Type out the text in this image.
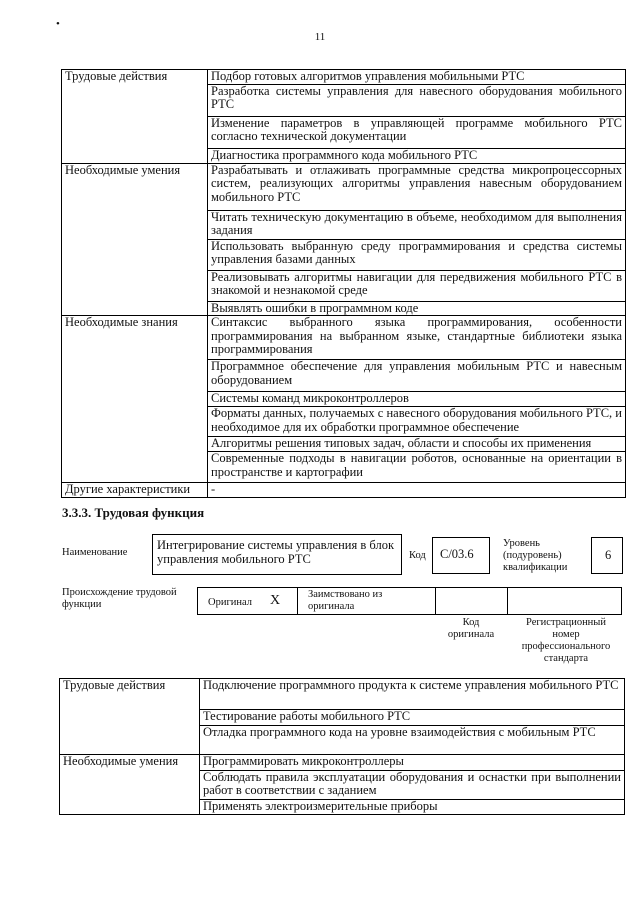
•
11
Трудовые действия	Подбор готовых алгоритмов управления мобильными РТС
	Разработка системы управления для навесного оборудования мобильного РТС
	Изменение параметров в управляющей программе мобильного РТС согласно технической документации
	Диагностика программного кода мобильного РТС
Необходимые умения	Разрабатывать и отлаживать программные средства микропроцессорных систем, реализующих алгоритмы управления навесным оборудованием мобильного РТС
	Читать техническую документацию в объеме, необходимом для выполнения задания
	Использовать выбранную среду программирования и средства системы управления базами данных
	Реализовывать алгоритмы навигации для передвижения мобильного РТС в знакомой и незнакомой среде
	Выявлять ошибки в программном коде
Необходимые знания	Синтаксис выбранного языка программирования, особенности программирования на выбранном языке, стандартные библиотеки языка программирования
	Программное обеспечение для управления мобильным РТС и навесным оборудованием
	Системы команд микроконтроллеров
	Форматы данных, получаемых с навесного оборудования мобильного РТС, и необходимое для их обработки программное обеспечение
	Алгоритмы решения типовых задач, области и способы их применения
	Современные подходы в навигации роботов, основанные на ориентации в пространстве и картографии
Другие характеристики	-
3.3.3. Трудовая функция
Наименование
Интегрирование системы управления в блок управления мобильного РТС	Код	С/03.6
Уровень (подуровень) квалификации
6
Происхождение трудовой функции	Оригинал X	Заимствовано из оригинала
Код оригинала
Регистрационный номер профессионального стандарта
Трудовые действия	Подключение программного продукта к системе управления мобильного РТС
	Тестирование работы мобильного РТС
	Отладка программного кода на уровне взаимодействия с мобильным РТС
Необходимые умения	Программировать микроконтроллеры
	Соблюдать правила эксплуатации оборудования и оснастки при выполнении работ в соответствии с заданием
	Применять электроизмерительные приборы
